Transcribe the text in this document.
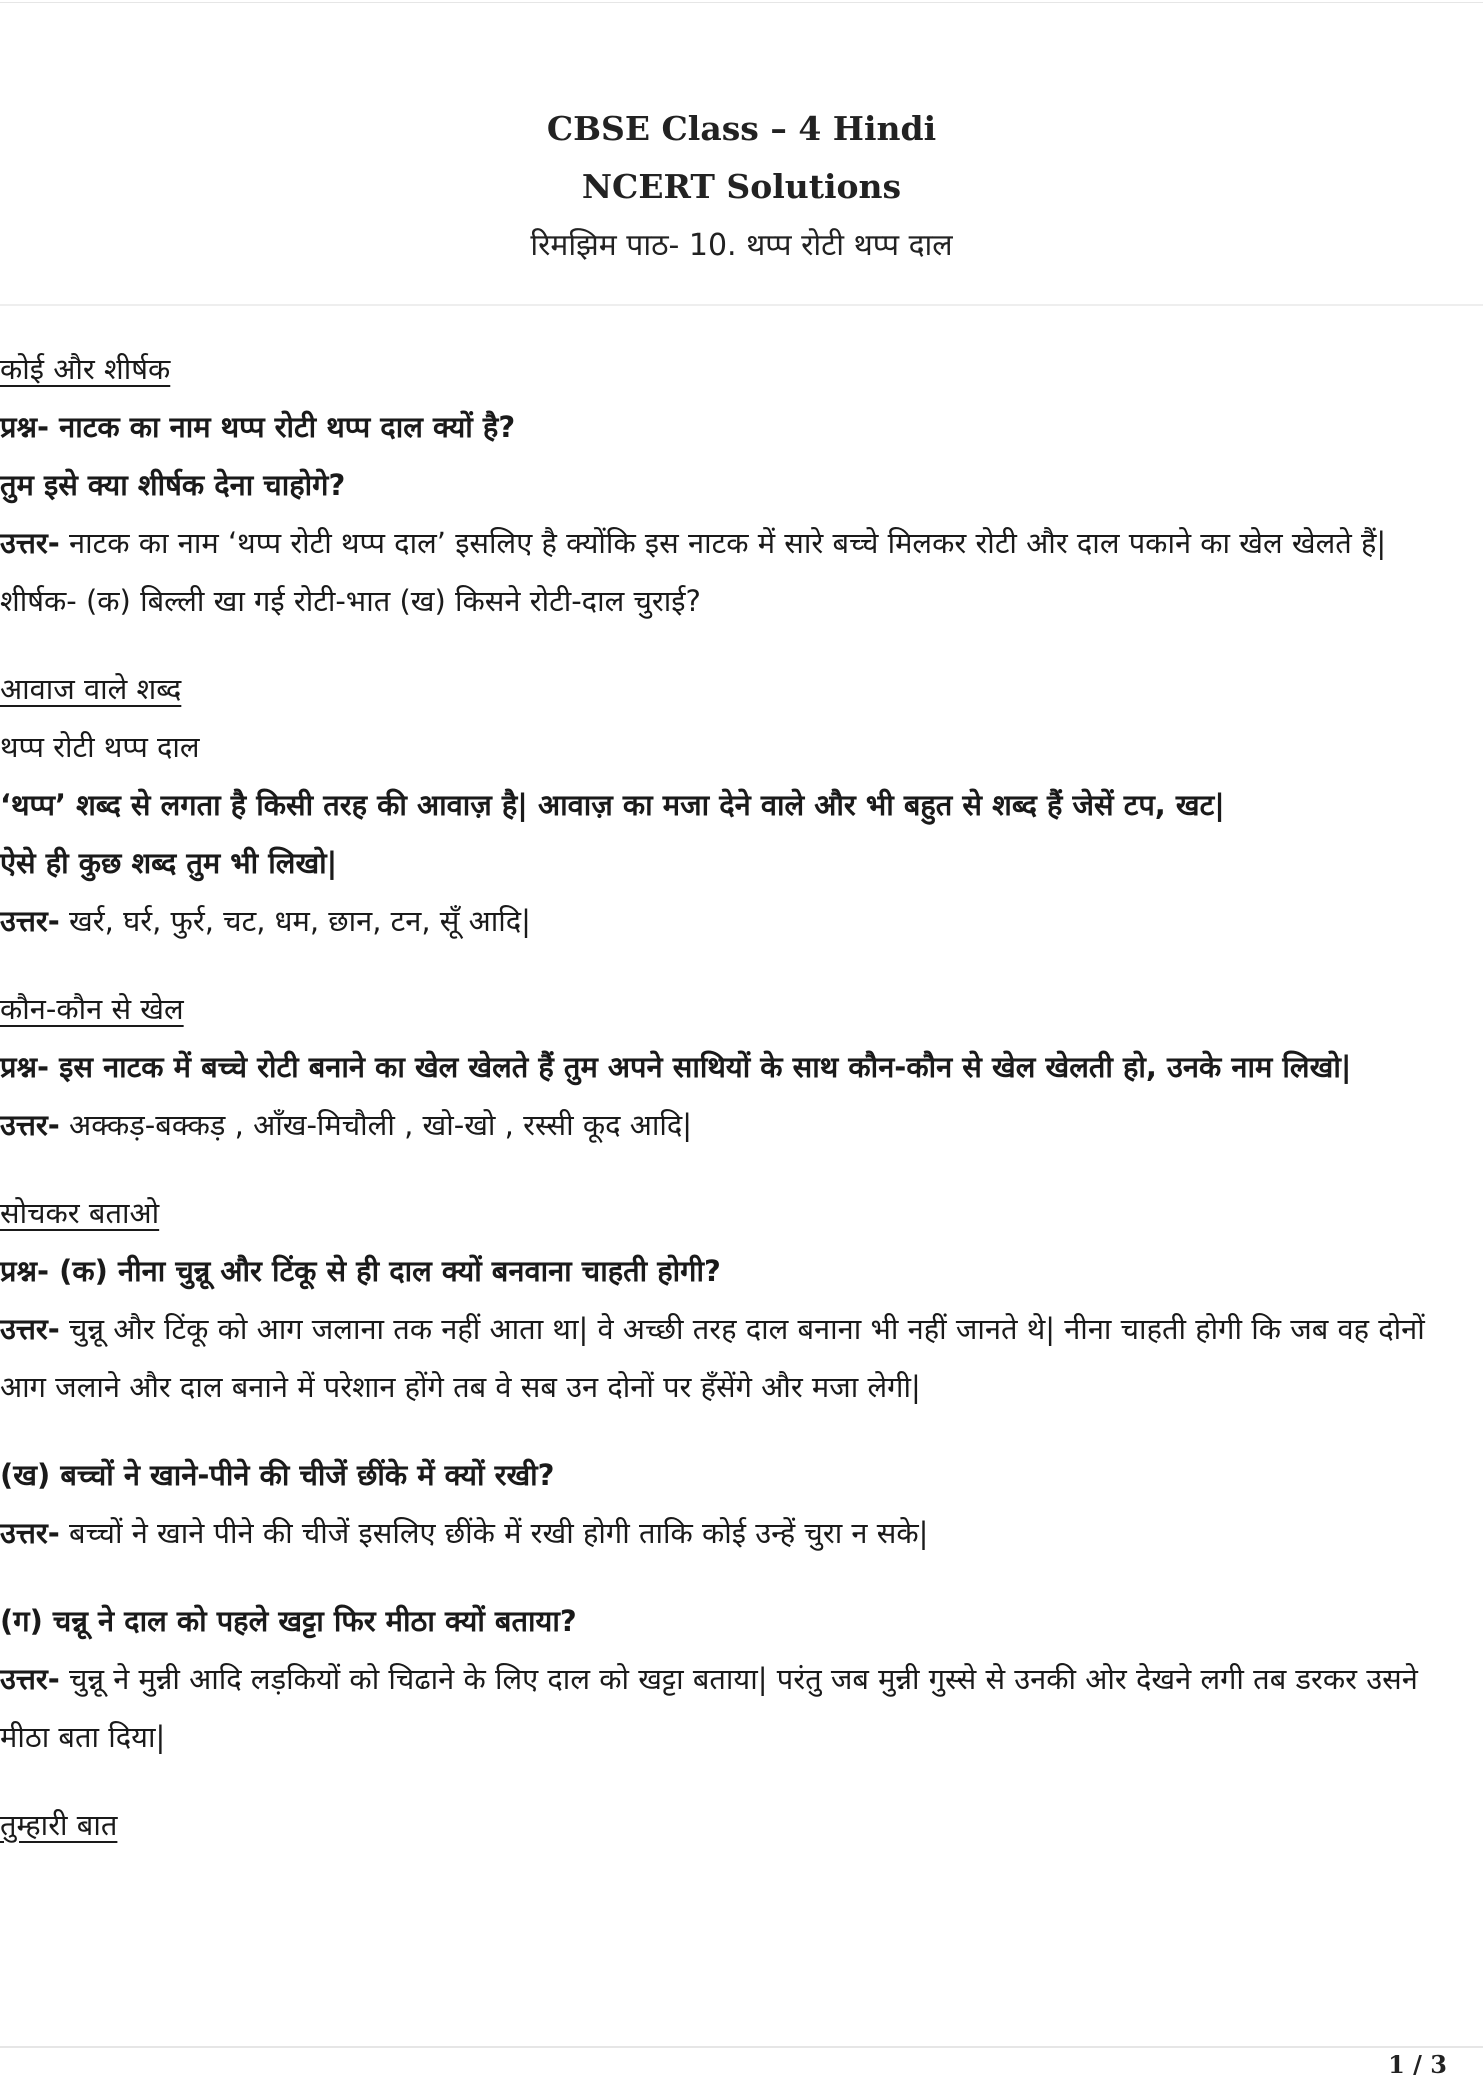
CBSE Class – 4 Hindi
NCERT Solutions
रिमझिम पाठ- 10. थप्प रोटी थप्प दाल
कोई और शीर्षक
प्रश्न- नाटक का नाम थप्प रोटी थप्प दाल क्यों है?
तुम इसे क्या शीर्षक देना चाहोगे?
उत्तर- नाटक का नाम ‘थप्प रोटी थप्प दाल’ इसलिए है क्योंकि इस नाटक में सारे बच्चे मिलकर रोटी और दाल पकाने का खेल खेलते हैं|
शीर्षक- (क) बिल्ली खा गई रोटी-भात (ख) किसने रोटी-दाल चुराई?
आवाज वाले शब्द
थप्प रोटी थप्प दाल
‘थप्प’ शब्द से लगता है किसी तरह की आवाज़ है| आवाज़ का मजा देने वाले और भी बहुत से शब्द हैं जेसें टप, खट|
ऐसे ही कुछ शब्द तुम भी लिखो|
उत्तर- खर्र, घर्र, फुर्र, चट, धम, छान, टन, सूँ आदि|
कौन-कौन से खेल
प्रश्न- इस नाटक में बच्चे रोटी बनाने का खेल खेलते हैं तुम अपने साथियों के साथ कौन-कौन से खेल खेलती हो, उनके नाम लिखो|
उत्तर- अक्कड़-बक्कड़ , आँख-मिचौली , खो-खो , रस्सी कूद आदि|
सोचकर बताओ
प्रश्न- (क) नीना चुन्नू और टिंकू से ही दाल क्यों बनवाना चाहती होगी?
उत्तर- चुन्नू और टिंकू को आग जलाना तक नहीं आता था| वे अच्छी तरह दाल बनाना भी नहीं जानते थे| नीना चाहती होगी कि जब वह दोनों आग जलाने और दाल बनाने में परेशान होंगे तब वे सब उन दोनों पर हँसेंगे और मजा लेगी|
(ख) बच्चों ने खाने-पीने की चीजें छींके में क्यों रखी?
उत्तर- बच्चों ने खाने पीने की चीजें इसलिए छींके में रखी होगी ताकि कोई उन्हें चुरा न सके|
(ग) चन्नू ने दाल को पहले खट्टा फिर मीठा क्यों बताया?
उत्तर- चुन्नू ने मुन्नी आदि लड़कियों को चिढाने के लिए दाल को खट्टा बताया| परंतु जब मुन्नी गुस्से से उनकी ओर देखने लगी तब डरकर उसने मीठा बता दिया|
तुम्हारी बात
1 / 3
